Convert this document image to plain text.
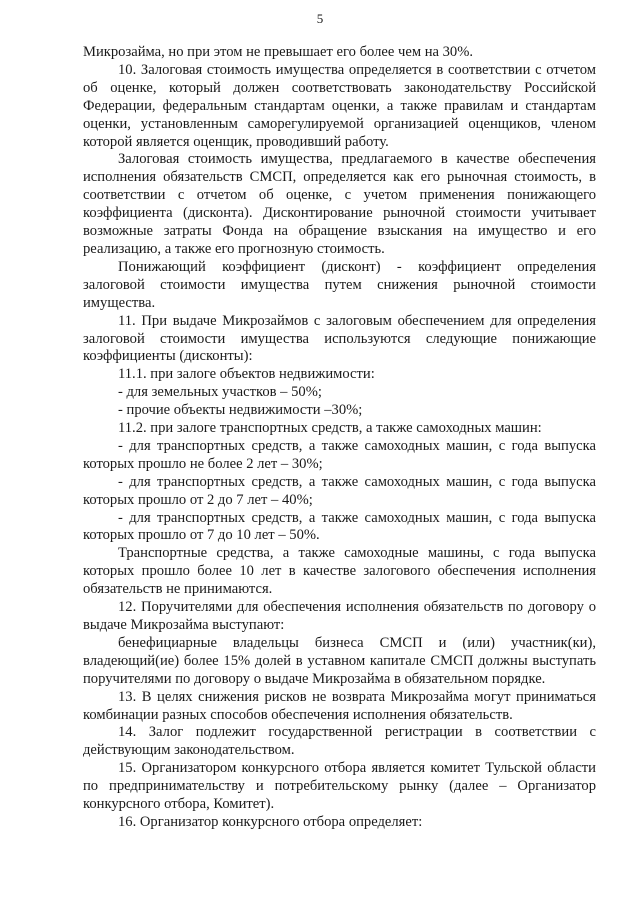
5

Микрозайма, но при этом не превышает его более чем на 30%.

10. Залоговая стоимость имущества определяется в соответствии с отчетом об оценке, который должен соответствовать законодательству Российской Федерации, федеральным стандартам оценки, а также правилам и стандартам оценки, установленным саморегулируемой организацией оценщиков, членом которой является оценщик, проводивший работу.

Залоговая стоимость имущества, предлагаемого в качестве обеспечения исполнения обязательств СМСП, определяется как его рыночная стоимость, в соответствии с отчетом об оценке, с учетом применения понижающего коэффициента (дисконта). Дисконтирование рыночной стоимости учитывает возможные затраты Фонда на обращение взыскания на имущество и его реализацию, а также его прогнозную стоимость.

Понижающий коэффициент (дисконт) - коэффициент определения залоговой стоимости имущества путем снижения рыночной стоимости имущества.

11. При выдаче Микрозаймов с залоговым обеспечением для определения залоговой стоимости имущества используются следующие понижающие коэффициенты (дисконты):

11.1. при залоге объектов недвижимости:

- для земельных участков – 50%;

- прочие объекты недвижимости –30%;

11.2. при залоге транспортных средств, а также самоходных машин:

- для транспортных средств, а также самоходных машин, с года выпуска которых прошло не более 2 лет – 30%;

- для транспортных средств, а также самоходных машин, с года выпуска которых прошло от 2 до 7 лет – 40%;

- для транспортных средств, а также самоходных машин, с года выпуска которых прошло от 7 до 10 лет – 50%.

Транспортные средства, а также самоходные машины, с года выпуска которых прошло более 10 лет в качестве залогового обеспечения исполнения обязательств не принимаются.

12. Поручителями для обеспечения исполнения обязательств по договору о выдаче Микрозайма выступают:

бенефициарные владельцы бизнеса СМСП и (или) участник(ки), владеющий(ие) более 15% долей в уставном капитале СМСП должны выступать поручителями по договору о выдаче Микрозайма в обязательном порядке.

13. В целях снижения рисков не возврата Микрозайма могут приниматься комбинации разных способов обеспечения исполнения обязательств.

14. Залог подлежит государственной регистрации в соответствии с действующим законодательством.

15. Организатором конкурсного отбора является комитет Тульской области по предпринимательству и потребительскому рынку (далее – Организатор конкурсного отбора, Комитет).

16. Организатор конкурсного отбора определяет:
